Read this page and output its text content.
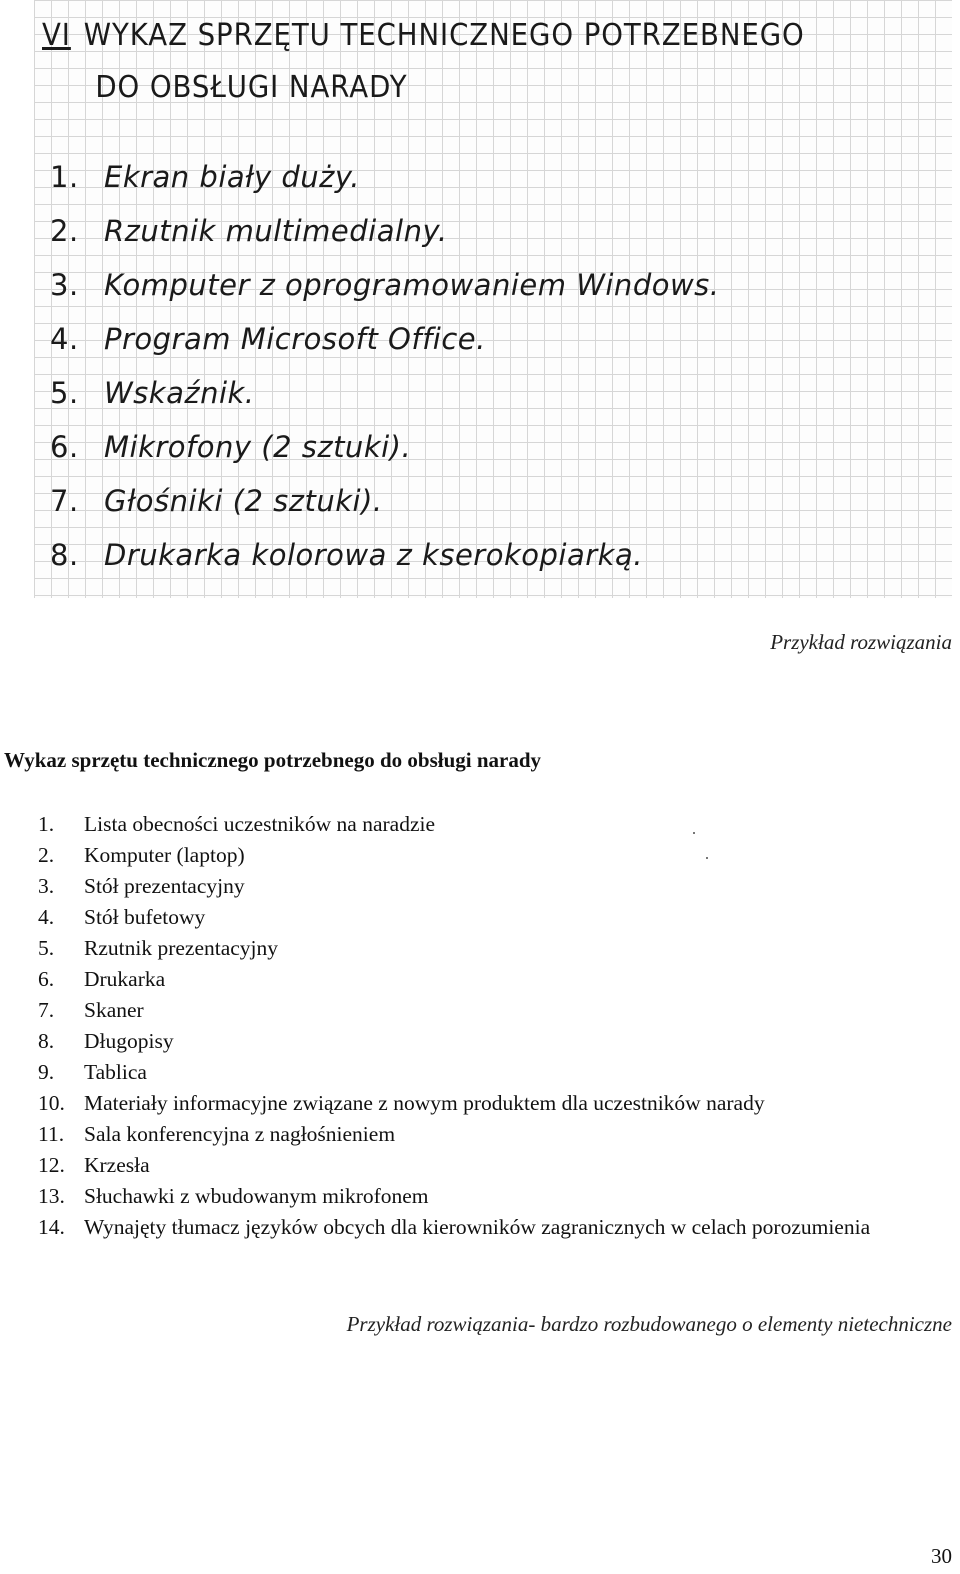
VI WYKAZ SPRZĘTU TECHNICZNEGO POTRZEBNEGO
DO OBSŁUGI NARADY
1. Ekran biały duży.
2. Rzutnik multimedialny.
3. Komputer z oprogramowaniem Windows.
4. Program Microsoft Office.
5. Wskaźnik.
6. Mikrofony (2 sztuki).
7. Głośniki (2 sztuki).
8. Drukarka kolorowa z kserokopiarką.
Przykład rozwiązania
Wykaz sprzętu technicznego potrzebnego do obsługi narady
1.	Lista obecności uczestników na naradzie
2.	Komputer (laptop)
3.	Stół prezentacyjny
4.	Stół bufetowy
5.	Rzutnik prezentacyjny
6.	Drukarka
7.	Skaner
8.	Długopisy
9.	Tablica
10. Materiały informacyjne związane z nowym produktem dla uczestników narady
11. Sala konferencyjna z nagłośnieniem
12. Krzesła
13. Słuchawki z wbudowanym mikrofonem
14. Wynajęty tłumacz języków obcych dla kierowników zagranicznych w celach porozumienia
Przykład rozwiązania- bardzo rozbudowanego o elementy nietechniczne
30
